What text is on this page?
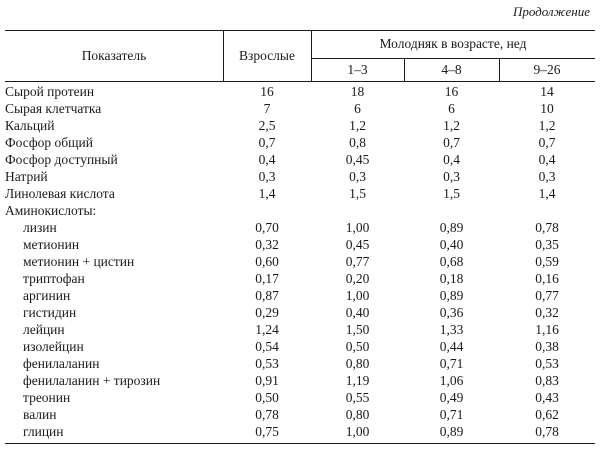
Продолжение
Показатель	Взрослые
Молодняк в возрасте, нед
1–3	4–8	9–26
Сырой протеин	16	18	16	14
Сырая клетчатка	7	6	6	10
Кальций	2,5	1,2	1,2	1,2
Фосфор общий	0,7	0,8	0,7	0,7
Фосфор доступный	0,4	0,45	0,4	0,4
Натрий	0,3	0,3	0,3	0,3
Линолевая кислота	1,4	1,5	1,5	1,4
Аминокислоты:				
лизин	0,70	1,00	0,89	0,78
метионин	0,32	0,45	0,40	0,35
метионин + цистин	0,60	0,77	0,68	0,59
триптофан	0,17	0,20	0,18	0,16
аргинин	0,87	1,00	0,89	0,77
гистидин	0,29	0,40	0,36	0,32
лейцин	1,24	1,50	1,33	1,16
изолейцин	0,54	0,50	0,44	0,38
фенилаланин	0,53	0,80	0,71	0,53
фенилаланин + тирозин	0,91	1,19	1,06	0,83
треонин	0,50	0,55	0,49	0,43
валин	0,78	0,80	0,71	0,62
глицин	0,75	1,00	0,89	0,78
